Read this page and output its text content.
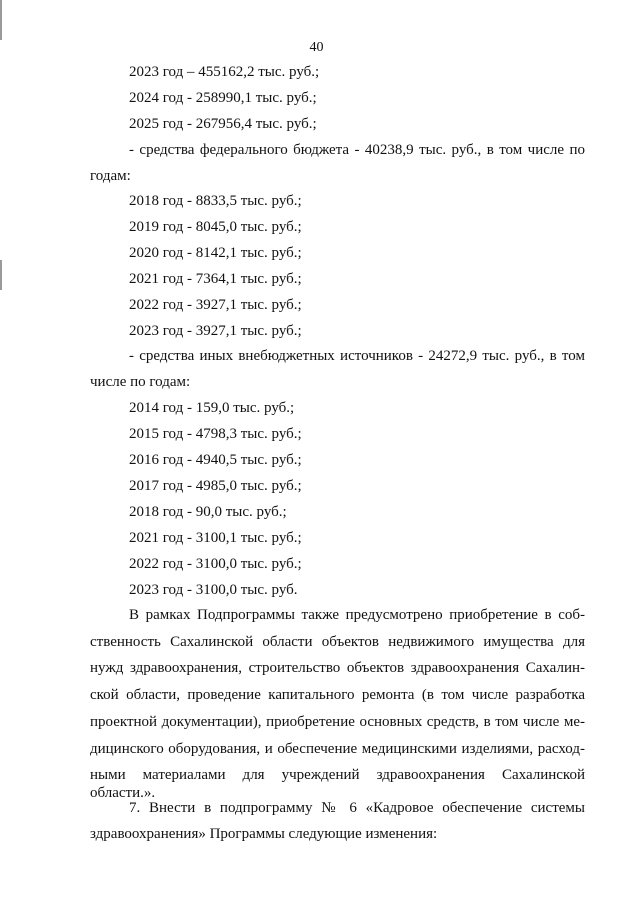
40

2023 год – 455162,2 тыс. руб.;

2024 год - 258990,1 тыс. руб.;

2025 год - 267956,4 тыс. руб.;

- средства федерального бюджета - 40238,9 тыс. руб., в том числе по

годам:

2018 год - 8833,5 тыс. руб.;

2019 год - 8045,0 тыс. руб.;

2020 год - 8142,1 тыс. руб.;

2021 год - 7364,1 тыс. руб.;

2022 год - 3927,1 тыс. руб.;

2023 год - 3927,1 тыс. руб.;

- средства иных внебюджетных источников - 24272,9 тыс. руб., в том

числе по годам:

2014 год - 159,0 тыс. руб.;

2015 год - 4798,3 тыс. руб.;

2016 год - 4940,5 тыс. руб.;

2017 год - 4985,0 тыс. руб.;

2018 год - 90,0 тыс. руб.;

2021 год - 3100,1 тыс. руб.;

2022 год - 3100,0 тыс. руб.;

2023 год - 3100,0 тыс. руб.

В рамках Подпрограммы также предусмотрено приобретение в соб-

ственность Сахалинской области объектов недвижимого имущества для

нужд здравоохранения, строительство объектов здравоохранения Сахалин-

ской области, проведение капитального ремонта (в том числе разработка

проектной документации), приобретение основных средств, в том числе ме-

дицинского оборудования, и обеспечение медицинскими изделиями, расход-

ными материалами для учреждений здравоохранения Сахалинской области.».

7. Внести в подпрограмму № 6 «Кадровое обеспечение системы

здравоохранения» Программы следующие изменения:
